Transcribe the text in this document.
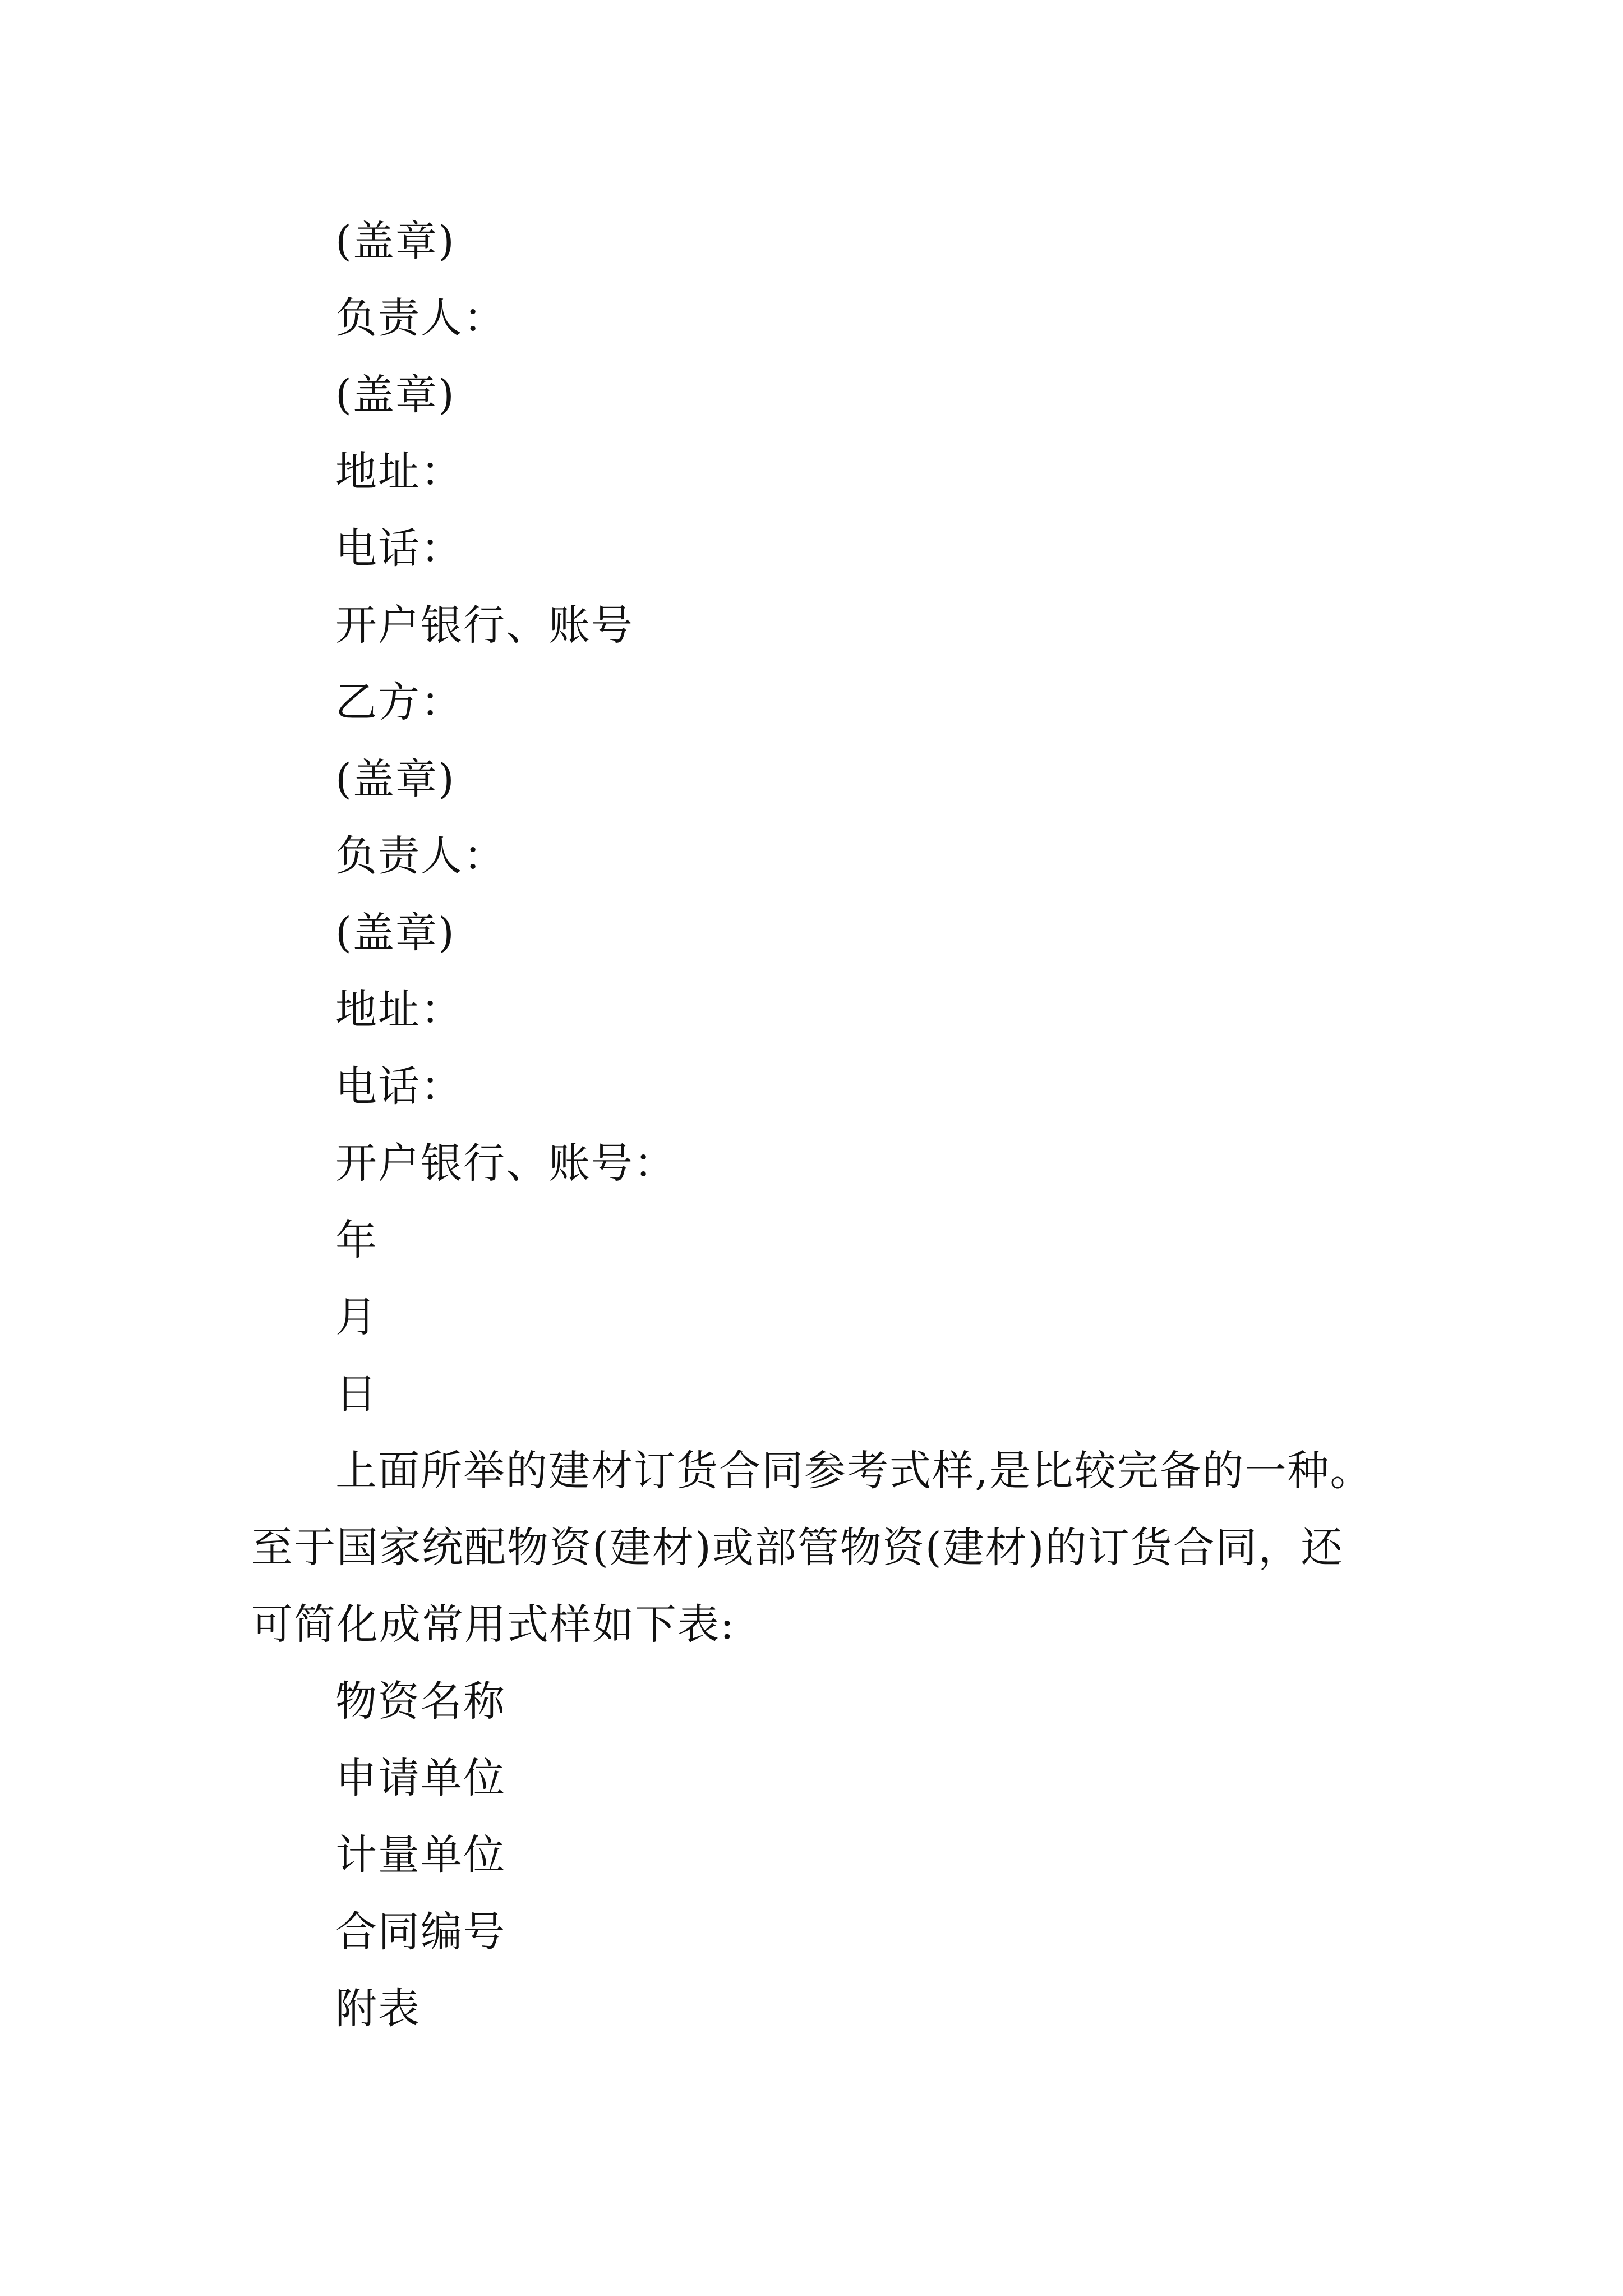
(盖章)
负责人：
(盖章)
地址：
电话：
开户银行、账号
乙方：
(盖章)
负责人：
(盖章)
地址：
电话：
开户银行、账号：
年
月
日

上面所举的建材订货合同参考式样,是比较完备的一种。至于国家统配物资(建材)或部管物资(建材)的订货合同，还可简化成常用式样如下表:

物资名称
申请单位
计量单位
合同编号
附表
